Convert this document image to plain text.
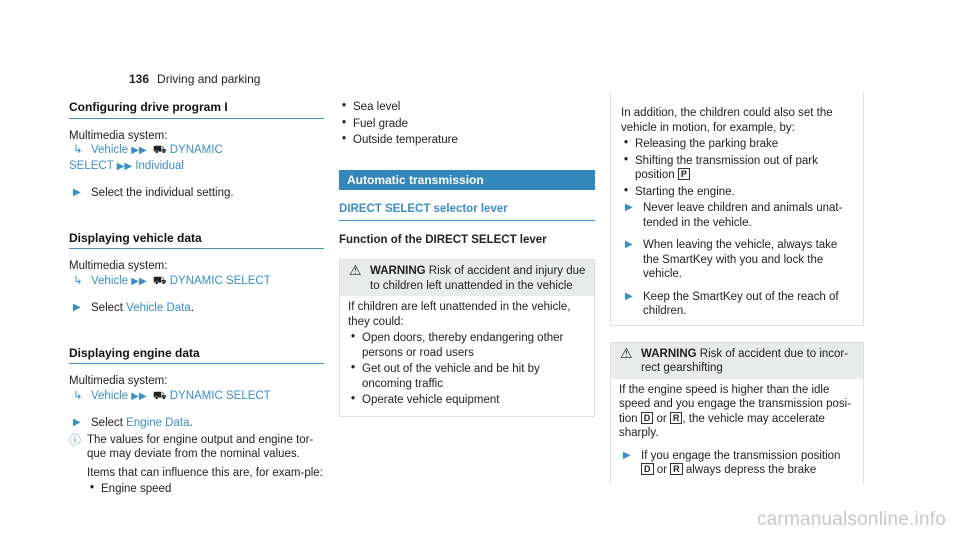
136 Driving and parking
Configuring drive program I

Multimedia system:

↳ Vehicle ▶▶ ⛟ DYNAMIC

SELECT ▶▶ Individual

▶ Select the individual setting.
Displaying vehicle data

Multimedia system:

↳ Vehicle ▶▶ ⛟ DYNAMIC SELECT

▶ Select Vehicle Data.
Displaying engine data

Multimedia system:

↳ Vehicle ▶▶ ⛟ DYNAMIC SELECT

▶ Select Engine Data.
ⓘ The values for engine output and engine tor-que may deviate from the nominal values.

Items that can influence this are, for exam-ple:

• Engine speed
• Sea level
• Fuel grade
• Outside temperature
Automatic transmission
DIRECT SELECT selector lever

Function of the DIRECT SELECT lever

⚠ WARNING Risk of accident and injury due to children left unattended in the vehicle

If children are left unattended in the vehicle, they could:

• Open doors, thereby endangering other persons or road users
• Get out of the vehicle and be hit by oncoming traffic
• Operate vehicle equipment

In addition, the children could also set the vehicle in motion, for example, by:

• Releasing the parking brake
• Shifting the transmission out of park position P
• Starting the engine.
▶ Never leave children and animals unat-tended in the vehicle.
▶ When leaving the vehicle, always take the SmartKey with you and lock the vehicle.
▶ Keep the SmartKey out of the reach of children.
⚠ WARNING Risk of accident due to incor-rect gearshifting

If the engine speed is higher than the idle speed and you engage the transmission posi-tion D or R , the vehicle may accelerate sharply.

▶ If you engage the transmission position
D or R always depress the brake
carmanualsonline.info
